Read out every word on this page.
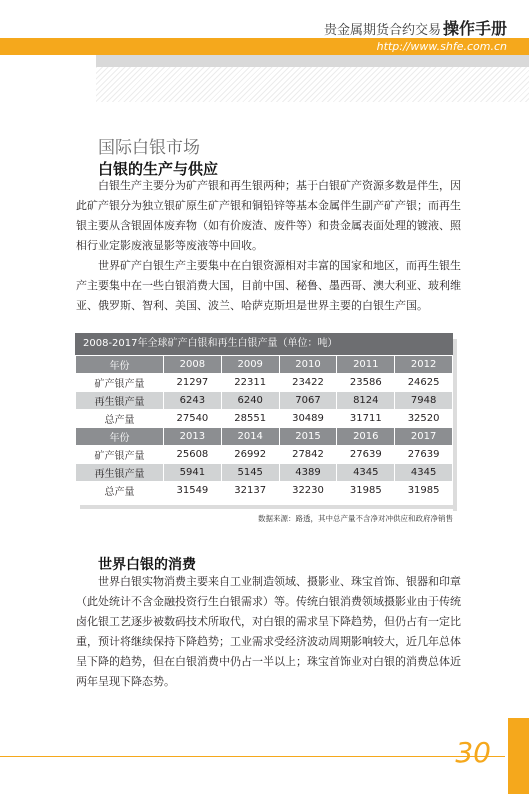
贵金属期货合约交易 操作手册
http://www.shfe.com.cn
国际白银市场
白银的生产与供应

白银生产主要分为矿产银和再生银两种；基于白银矿产资源多数是伴生，因
此矿产银分为独立银矿原生矿产银和铜铅锌等基本金属伴生副产矿产银；而再生
银主要从含银固体废弃物（如有价废渣、废件等）和贵金属表面处理的镀液、照
相行业定影废液显影等废液等中回收。

世界矿产白银生产主要集中在白银资源相对丰富的国家和地区，而再生银生
产主要集中在一些白银消费大国，目前中国、秘鲁、墨西哥、澳大利亚、玻利维
亚、俄罗斯、智利、美国、波兰、哈萨克斯坦是世界主要的白银生产国。

2008-2017年全球矿产白银和再生白银产量（单位：吨）
年份	2008	2009	2010	2011	2012
矿产银产量	21297	22311	23422	23586	24625
再生银产量	6243	6240	7067	8124	7948
总产量	27540	28551	30489	31711	32520
年份	2013	2014	2015	2016	2017
矿产银产量	25608	26992	27842	27639	27639
再生银产量	5941	5145	4389	4345	4345
总产量	31549	32137	32230	31985	31985
数据来源：路透，其中总产量不含净对冲供应和政府净销售
世界白银的消费

世界白银实物消费主要来自工业制造领域、摄影业、珠宝首饰、银器和印章
（此处统计不含金融投资行生白银需求）等。传统白银消费领域摄影业由于传统
卤化银工艺逐步被数码技术所取代，对白银的需求呈下降趋势，但仍占有一定比
重，预计将继续保持下降趋势；工业需求受经济波动周期影响较大，近几年总体
呈下降的趋势，但在白银消费中仍占一半以上；珠宝首饰业对白银的消费总体近
两年呈现下降态势。

30
